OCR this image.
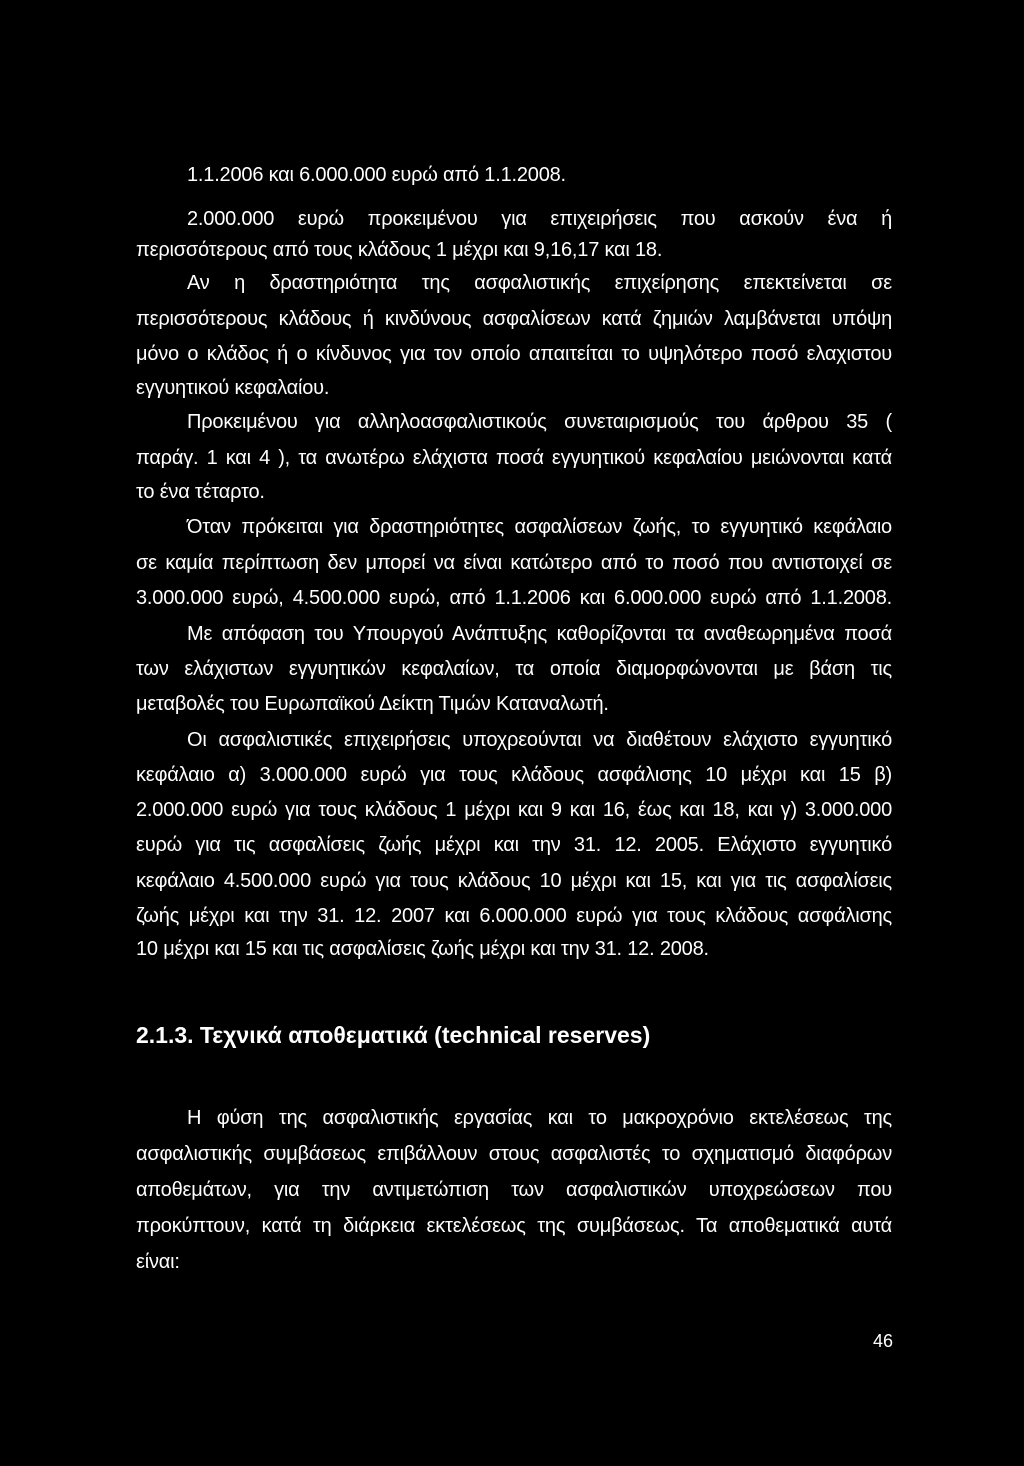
1.1.2006 και 6.000.000 ευρώ από 1.1.2008.
2.000.000 ευρώ προκειμένου για επιχειρήσεις που ασκούν ένα ή
περισσότερους από τους κλάδους 1 μέχρι και 9,16,17 και 18.
Αν η δραστηριότητα της ασφαλιστικής επιχείρησης επεκτείνεται σε
περισσότερους κλάδους ή κινδύνους ασφαλίσεων κατά ζημιών λαμβάνεται υπόψη
μόνο ο κλάδος ή ο κίνδυνος για τον οποίο απαιτείται το υψηλότερο ποσό ελαχιστου
εγγυητικού κεφαλαίου.
Προκειμένου για αλληλοασφαλιστικούς συνεταιρισμούς του άρθρου 35 (
παράγ. 1 και 4 ), τα ανωτέρω ελάχιστα ποσά εγγυητικού κεφαλαίου μειώνονται κατά
το ένα τέταρτο.
Όταν πρόκειται για δραστηριότητες ασφαλίσεων ζωής, το εγγυητικό κεφάλαιο
σε καμία περίπτωση δεν μπορεί να είναι κατώτερο από το ποσό που αντιστοιχεί σε
3.000.000 ευρώ, 4.500.000 ευρώ, από 1.1.2006 και 6.000.000 ευρώ από 1.1.2008.
Με απόφαση του Υπουργού Ανάπτυξης καθορίζονται τα αναθεωρημένα ποσά
των ελάχιστων εγγυητικών κεφαλαίων, τα οποία διαμορφώνονται με βάση τις
μεταβολές του Ευρωπαϊκού Δείκτη Τιμών Καταναλωτή.
Οι ασφαλιστικές επιχειρήσεις υποχρεούνται να διαθέτουν ελάχιστο εγγυητικό
κεφάλαιο α) 3.000.000 ευρώ για τους κλάδους ασφάλισης 10 μέχρι και 15 β)
2.000.000 ευρώ για τους κλάδους 1 μέχρι και 9 και 16, έως και 18, και γ) 3.000.000
ευρώ για τις ασφαλίσεις ζωής μέχρι και την 31. 12. 2005. Ελάχιστο εγγυητικό
κεφάλαιο 4.500.000 ευρώ για τους κλάδους 10 μέχρι και 15, και για τις ασφαλίσεις
ζωής μέχρι και την 31. 12. 2007 και 6.000.000 ευρώ για τους κλάδους ασφάλισης
10 μέχρι και 15 και τις ασφαλίσεις ζωής μέχρι και την 31. 12. 2008.
2.1.3. Τεχνικά αποθεματικά (technical reserves)
Η φύση της ασφαλιστικής εργασίας και το μακροχρόνιο εκτελέσεως της
ασφαλιστικής συμβάσεως επιβάλλουν στους ασφαλιστές το σχηματισμό διαφόρων
αποθεμάτων, για την αντιμετώπιση των ασφαλιστικών υποχρεώσεων που
προκύπτουν, κατά τη διάρκεια εκτελέσεως της συμβάσεως. Τα αποθεματικά αυτά
είναι:
46
